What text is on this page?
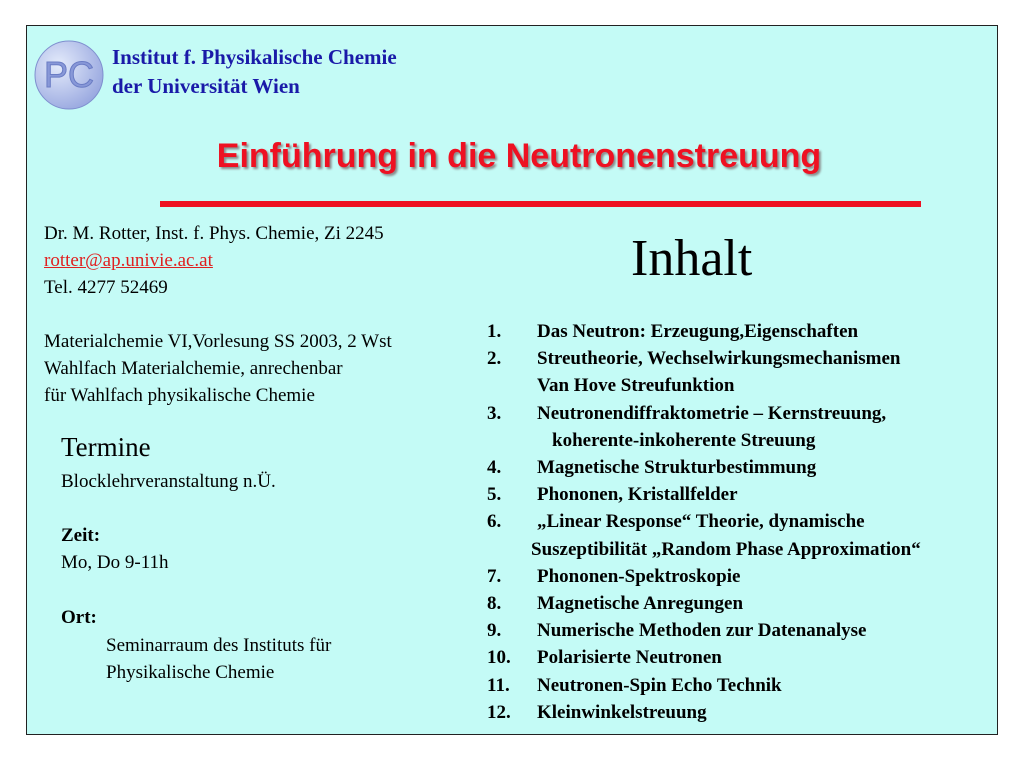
PC Institut f. Physikalische Chemie
der Universität Wien
Einführung in die Neutronenstreuung
Dr. M. Rotter, Inst. f. Phys. Chemie, Zi 2245
rotter@ap.univie.ac.at
Tel. 4277 52469
Materialchemie VI,Vorlesung SS 2003, 2 Wst
Wahlfach Materialchemie, anrechenbar
für Wahlfach physikalische Chemie
Termine
Blocklehrveranstaltung n.Ü.
Zeit:
Mo, Do 9-11h
Ort:
Seminarraum des Instituts für
Physikalische Chemie
Inhalt
1. Das Neutron: Erzeugung,Eigenschaften
2. Streutheorie, Wechselwirkungsmechanismen
Van Hove Streufunktion
3. Neutronendiffraktometrie – Kernstreuung,
koherente-inkoherente Streuung
4. Magnetische Strukturbestimmung
5. Phononen, Kristallfelder
6. „Linear Response“ Theorie, dynamische
Suszeptibilität „Random Phase Approximation“
7. Phononen-Spektroskopie
8. Magnetische Anregungen
9. Numerische Methoden zur Datenanalyse
10. Polarisierte Neutronen
11. Neutronen-Spin Echo Technik
12. Kleinwinkelstreuung
